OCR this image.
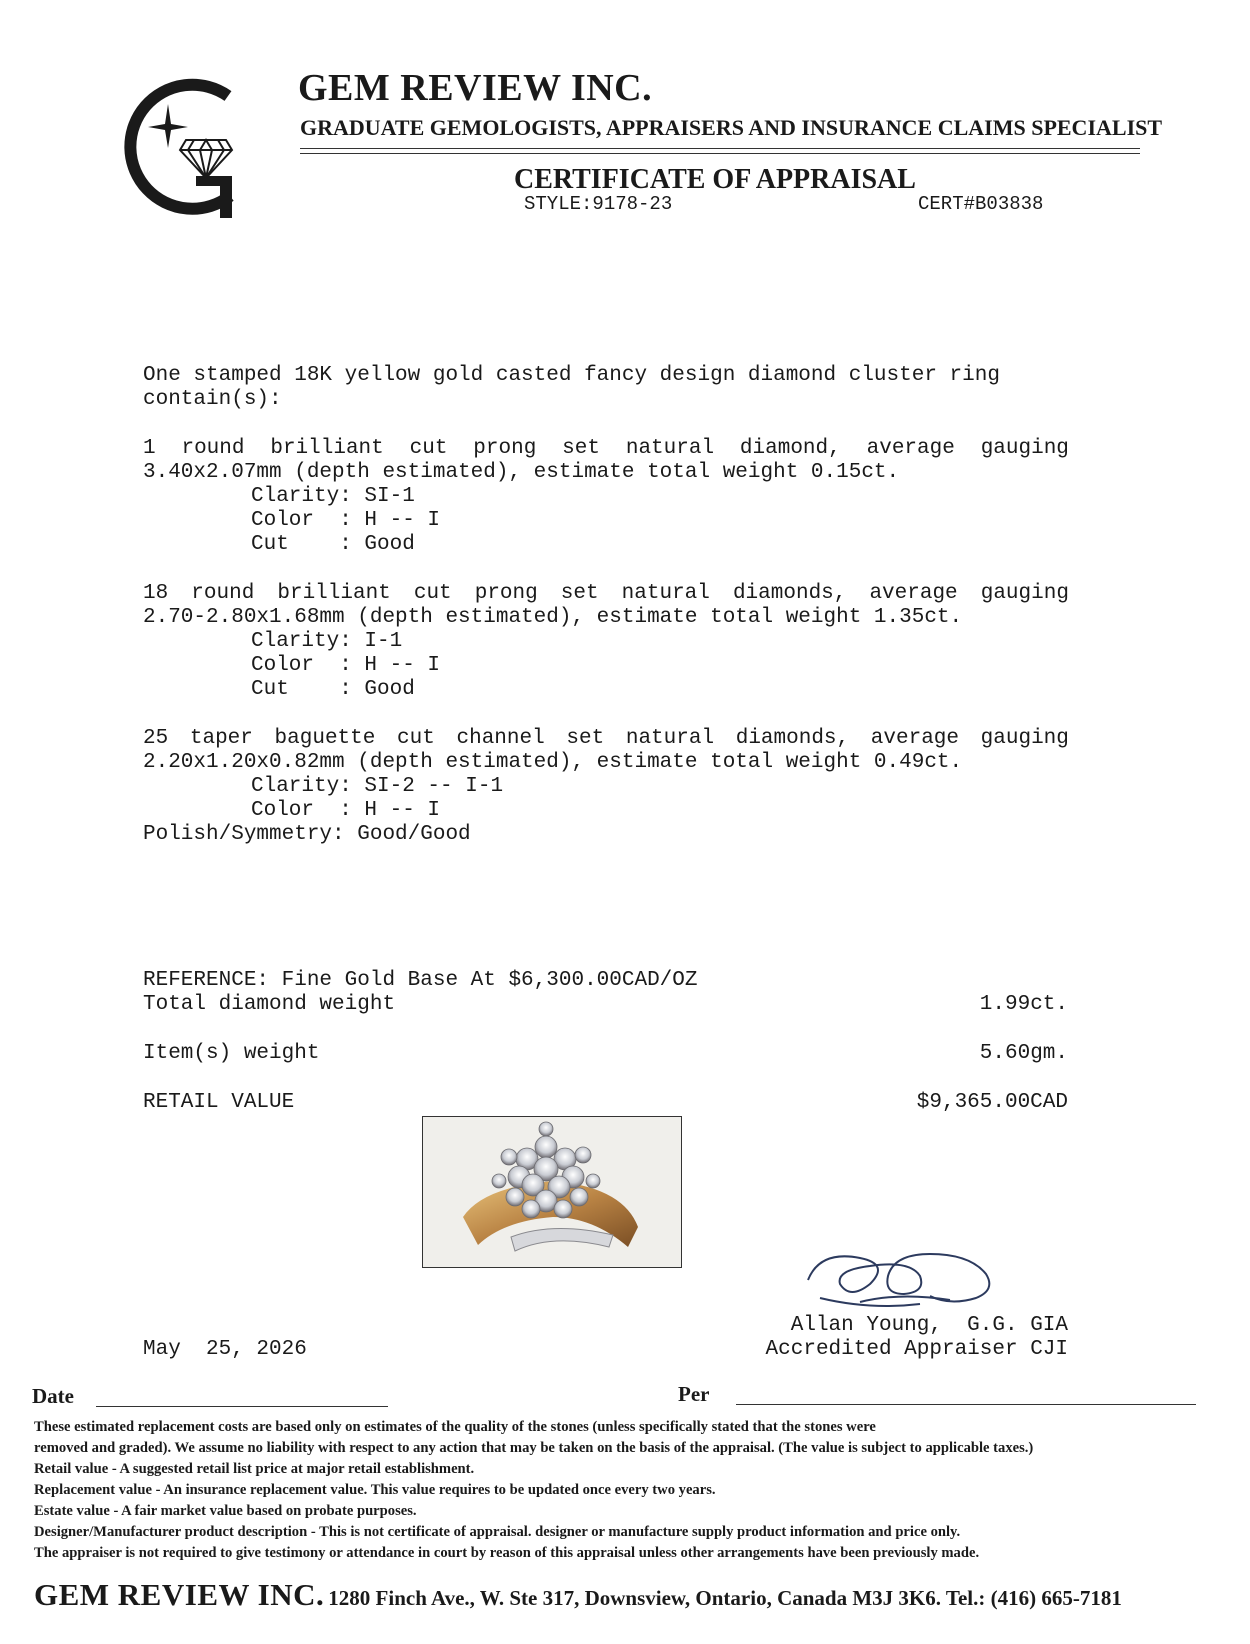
GEM REVIEW INC.
GRADUATE GEMOLOGISTS, APPRAISERS AND INSURANCE CLAIMS SPECIALIST
CERTIFICATE OF APPRAISAL
STYLE:9178-23	CERT#B03838
One stamped 18K yellow gold casted fancy design diamond cluster ring
contain(s):
1 round brilliant cut prong set natural diamond, average gauging
3.40x2.07mm (depth estimated), estimate total weight 0.15ct.
Clarity: SI-1
Color  : H -- I
Cut    : Good
18 round brilliant cut prong set natural diamonds, average gauging
2.70-2.80x1.68mm (depth estimated), estimate total weight 1.35ct.
Clarity: I-1
Color  : H -- I
Cut    : Good
25 taper baguette cut channel set natural diamonds, average gauging
2.20x1.20x0.82mm (depth estimated), estimate total weight 0.49ct.
Clarity: SI-2 -- I-1
Color  : H -- I
Polish/Symmetry: Good/Good
REFERENCE: Fine Gold Base At $6,300.00CAD/OZ
Total diamond weight	1.99ct.
Item(s) weight	5.60gm.
RETAIL VALUE	$9,365.00CAD
May  25, 2026
Allan Young,  G.G. GIA
Accredited Appraiser CJI
Date	Per

These estimated replacement costs are based only on estimates of the quality of the stones (unless specifically stated that the stones were

removed and graded). We assume no liability with respect to any action that may be taken on the basis of the appraisal. (The value is subject to applicable taxes.)

Retail value - A suggested retail list price at major retail establishment.

Replacement value - An insurance replacement value. This value requires to be updated once every two years.

Estate value - A fair market value based on probate purposes.

Designer/Manufacturer product description - This is not certificate of appraisal. designer or manufacture supply product information and price only.

The appraiser is not required to give testimony or attendance in court by reason of this appraisal unless other arrangements have been previously made.

GEM REVIEW INC. 1280 Finch Ave., W. Ste 317, Downsview, Ontario, Canada M3J 3K6. Tel.: (416) 665-7181
